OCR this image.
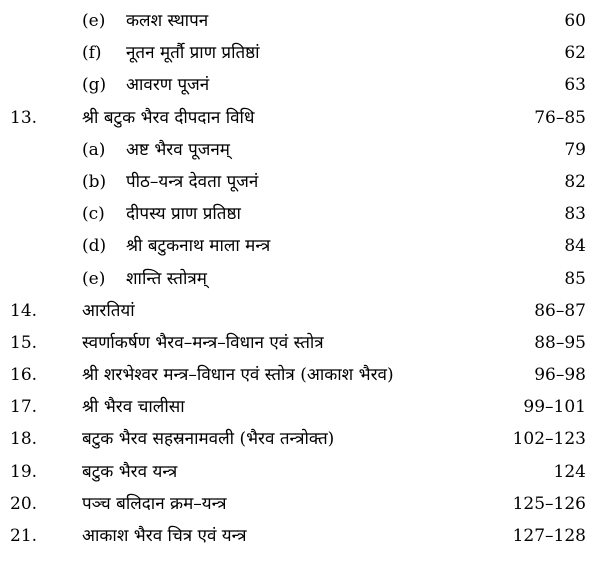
(e) कलश स्थापन	60
(f) नूतन मूर्तौ प्राण प्रतिष्ठां	62
(g) आवरण पूजनं	63
13.	श्री बटुक भैरव दीपदान विधि	76–85
(a) अष्ट भैरव पूजनम्	79
(b) पीठ–यन्त्र देवता पूजनं	82
(c) दीपस्य प्राण प्रतिष्ठा	83
(d) श्री बटुकनाथ माला मन्त्र	84
(e) शान्ति स्तोत्रम्	85
14.	आरतियां	86–87
15.	स्वर्णाकर्षण भैरव–मन्त्र–विधान एवं स्तोत्र	88–95
16.	श्री शरभेश्वर मन्त्र–विधान एवं स्तोत्र (आकाश भैरव)	96–98
17.	श्री भैरव चालीसा	99–101
18.	बटुक भैरव सहस्रनामवली (भैरव तन्त्रोक्त)	102–123
19.	बटुक भैरव यन्त्र	124
20.	पञ्च बलिदान क्रम–यन्त्र	125–126
21.	आकाश भैरव चित्र एवं यन्त्र	127–128
